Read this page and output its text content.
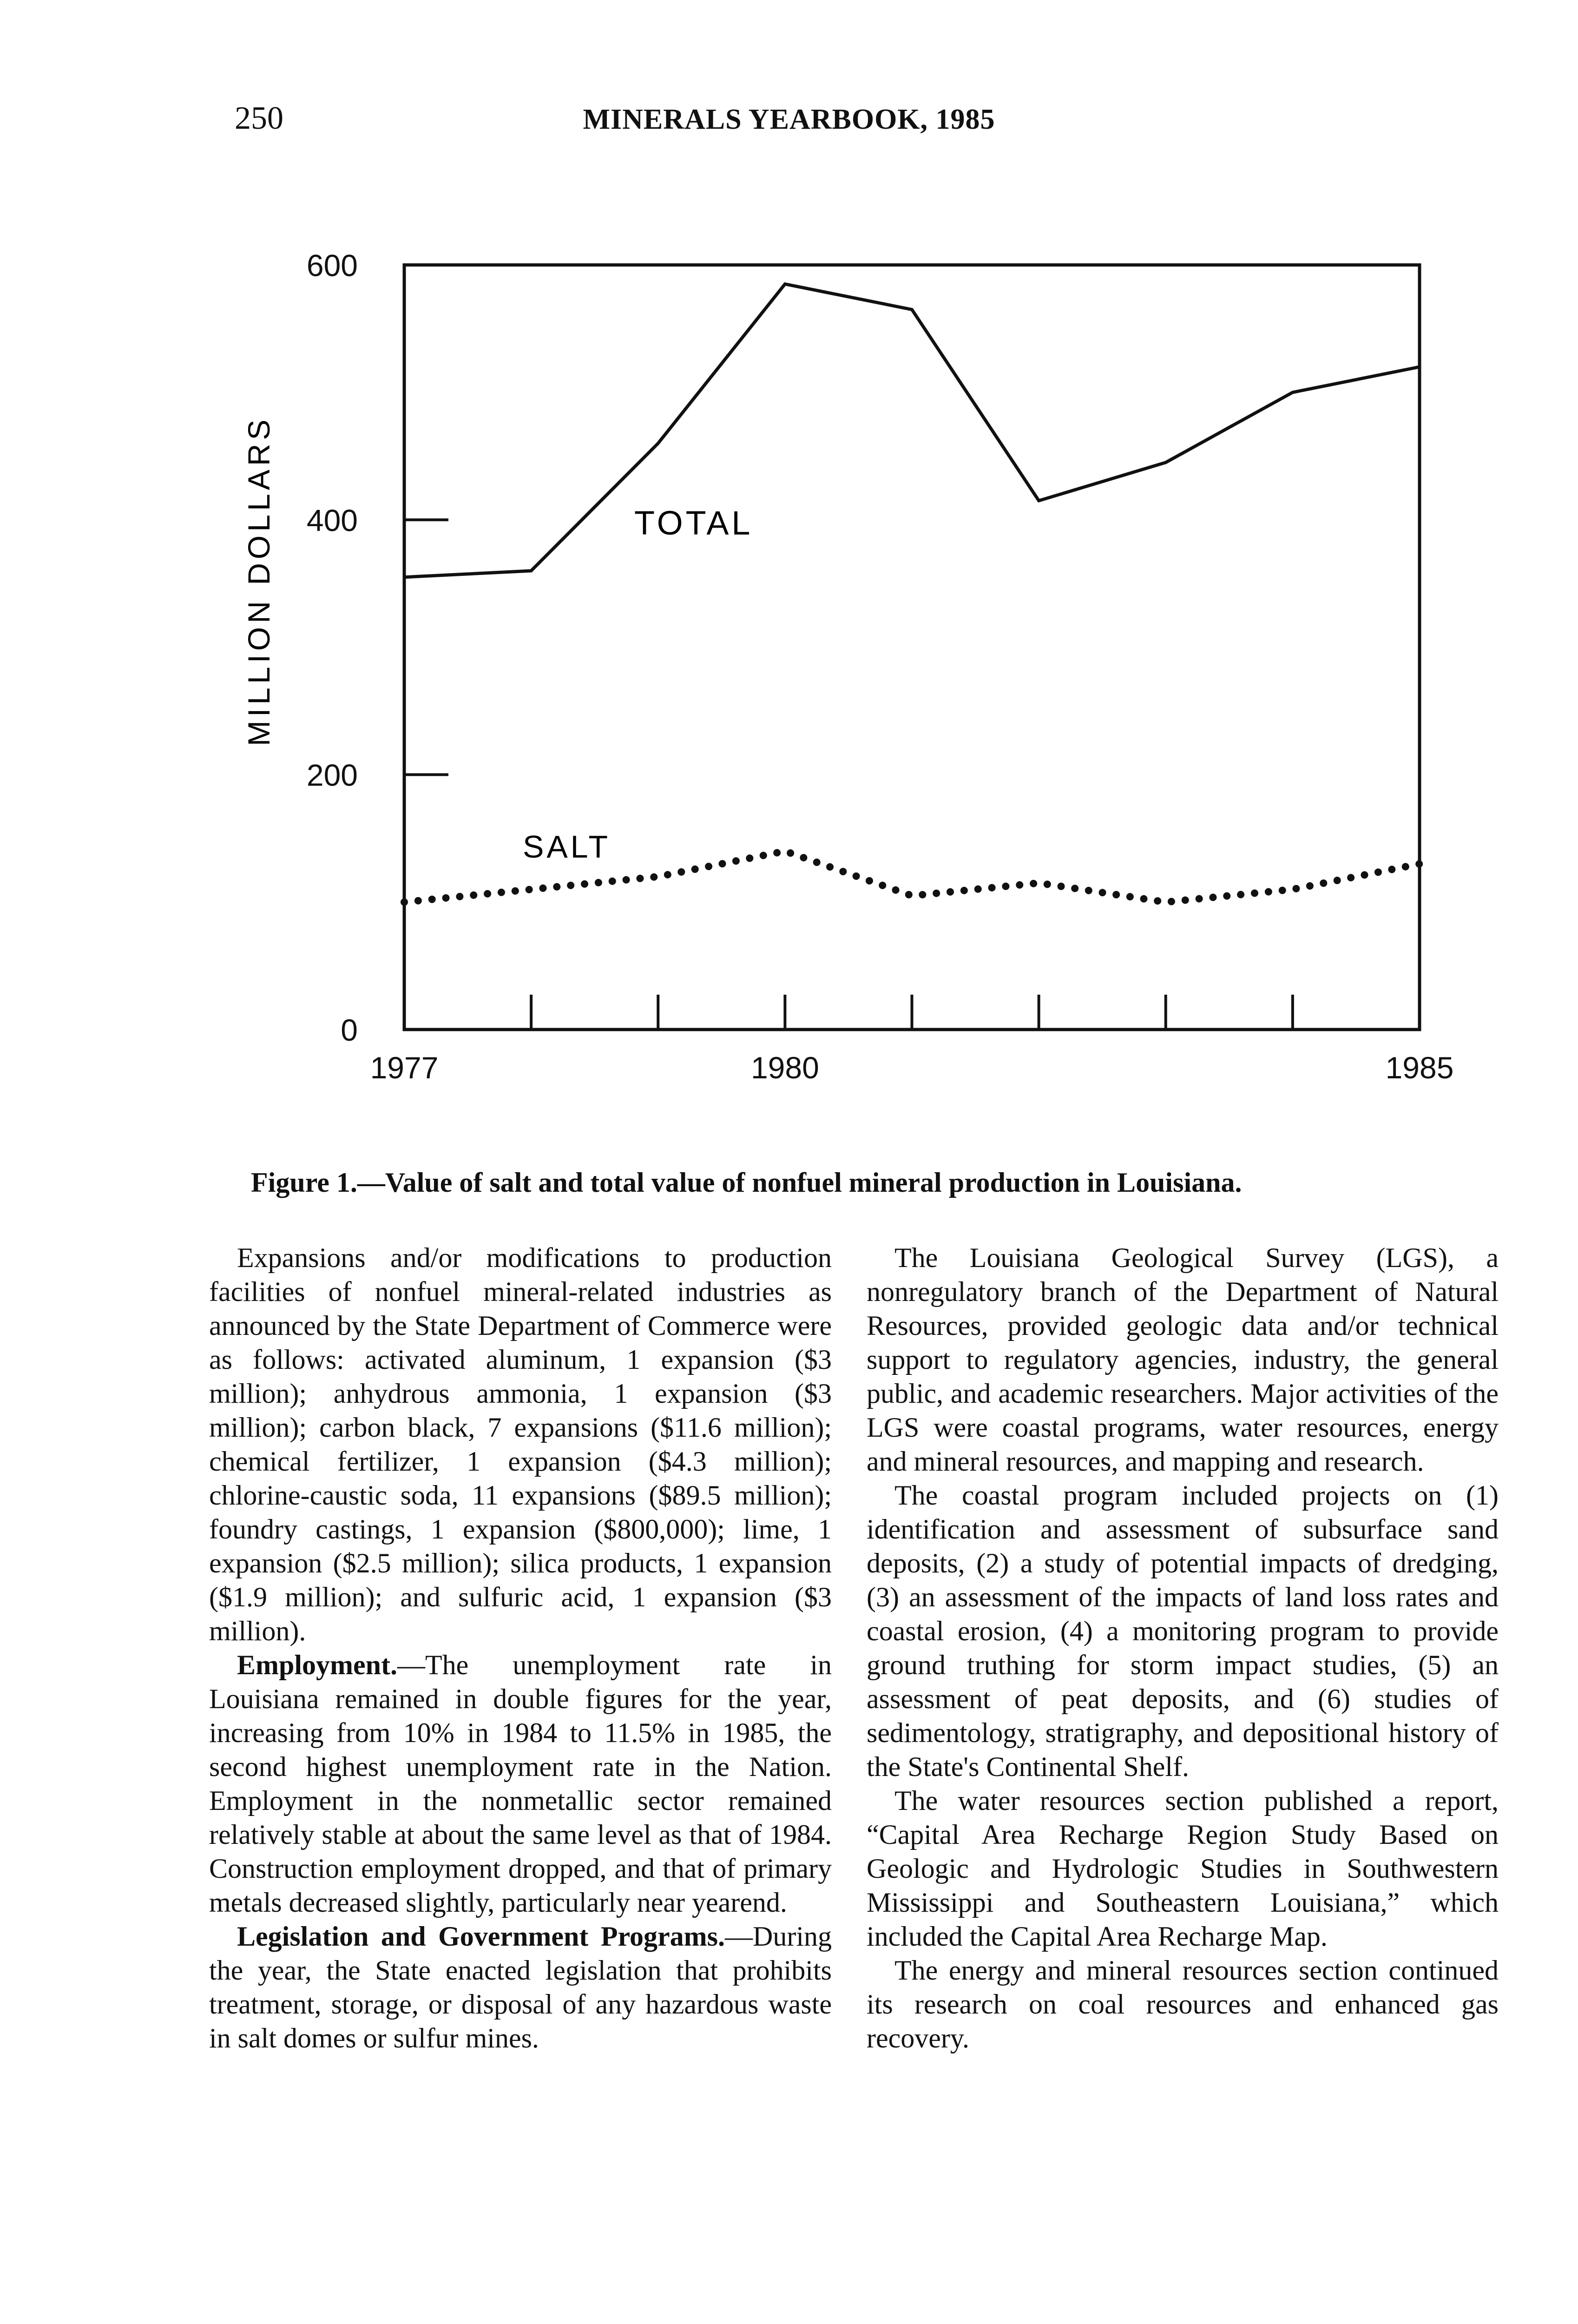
250	MINERALS YEARBOOK, 1985
0
200
400
600
1977	1980	1985
MILLION DOLLARS	TOTAL
SALT
Figure 1.—Value of salt and total value of nonfuel mineral production in Louisiana.

Expansions and/or modifications to production facilities of nonfuel mineral-related industries as announced by the State Department of Commerce were as follows: activated aluminum, 1 expansion ($3 million); anhydrous ammonia, 1 expansion ($3 million); carbon black, 7 expansions ($11.6 million); chemical fertilizer, 1 expansion ($4.3 million); chlorine-caustic soda, 11 expansions ($89.5 million); foundry castings, 1 expansion ($800,000); lime, 1 expansion ($2.5 million); silica products, 1 expansion ($1.9 million); and sulfuric acid, 1 expansion ($3 million).

Employment.—The unemployment rate in Louisiana remained in double figures for the year, increasing from 10% in 1984 to 11.5% in 1985, the second highest unemployment rate in the Nation. Employment in the nonmetallic sector remained relatively stable at about the same level as that of 1984. Construction employment dropped, and that of primary metals decreased slightly, particularly near yearend.

Legislation and Government Programs.—During the year, the State enacted legislation that prohibits treatment, storage, or disposal of any hazardous waste in salt domes or sulfur mines.

The Louisiana Geological Survey (LGS), a nonregulatory branch of the Department of Natural Resources, provided geologic data and/or technical support to regulatory agencies, industry, the general public, and academic researchers. Major activities of the LGS were coastal programs, water resources, energy and mineral resources, and mapping and research.

The coastal program included projects on (1) identification and assessment of subsurface sand deposits, (2) a study of potential impacts of dredging, (3) an assessment of the impacts of land loss rates and coastal erosion, (4) a monitoring program to provide ground truthing for storm impact studies, (5) an assessment of peat deposits, and (6) studies of sedimentology, stratigraphy, and depositional history of the State's Continental Shelf.

The water resources section published a report, “Capital Area Recharge Region Study Based on Geologic and Hydrologic Studies in Southwestern Mississippi and Southeastern Louisiana,” which included the Capital Area Recharge Map.

The energy and mineral resources section continued its research on coal resources and enhanced gas recovery.
